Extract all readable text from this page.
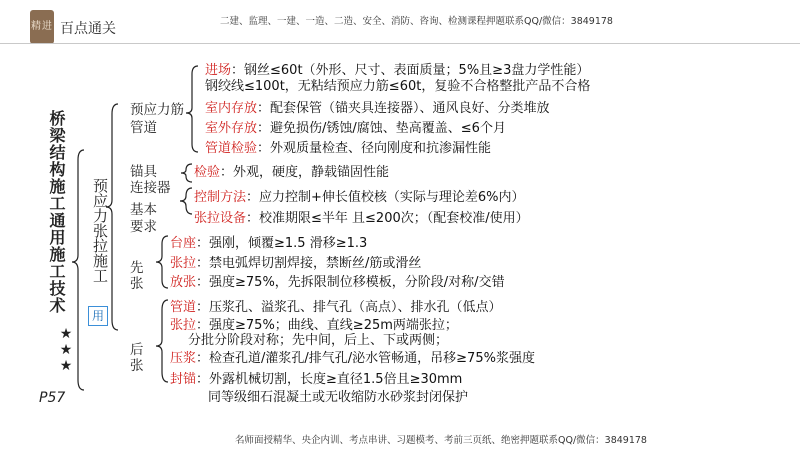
精进 百点通关	二建、监理、一建、一造、二造、安全、消防、咨询、检测课程押题联系QQ/微信：3849178
桥梁结构施工通用施工技术
★★★
P57
预应力张拉施工
用
预应力筋
管道
锚具
连接器
基本要求
先
张
后
张
进场：钢丝≤60t（外形、尺寸、表面质量；5%且≥3盘力学性能）
钢绞线≤100t，无粘结预应力筋≤60t，复验不合格整批产品不合格
室内存放：配套保管（锚夹具连接器）、通风良好、分类堆放
室外存放：避免损伤/锈蚀/腐蚀、垫高覆盖、≤6个月
管道检验：外观质量检查、径向刚度和抗渗漏性能
检验：外观，硬度，静载锚固性能
控制方法：应力控制+伸长值校核（实际与理论差6%内）
张拉设备：校准期限≤半年 且≤200次；（配套校准/使用）
台座：强刚，倾覆≥1.5 滑移≥1.3
张拉：禁电弧焊切割焊接，禁断丝/筋或滑丝
放张：强度≥75%，先拆限制位移模板，分阶段/对称/交错
管道：压浆孔、溢浆孔、排气孔（高点）、排水孔（低点）
张拉：强度≥75%；曲线、直线≥25m两端张拉；
分批分阶段对称；先中间，后上、下或两侧；
压浆：检查孔道/灌浆孔/排气孔/泌水管畅通，吊移≥75%浆强度
封锚：外露机械切割，长度≥直径1.5倍且≥30mm
同等级细石混凝土或无收缩防水砂浆封闭保护
名师面授精华、央企内训、考点串讲、习题模考、考前三页纸、绝密押题联系QQ/微信：3849178
